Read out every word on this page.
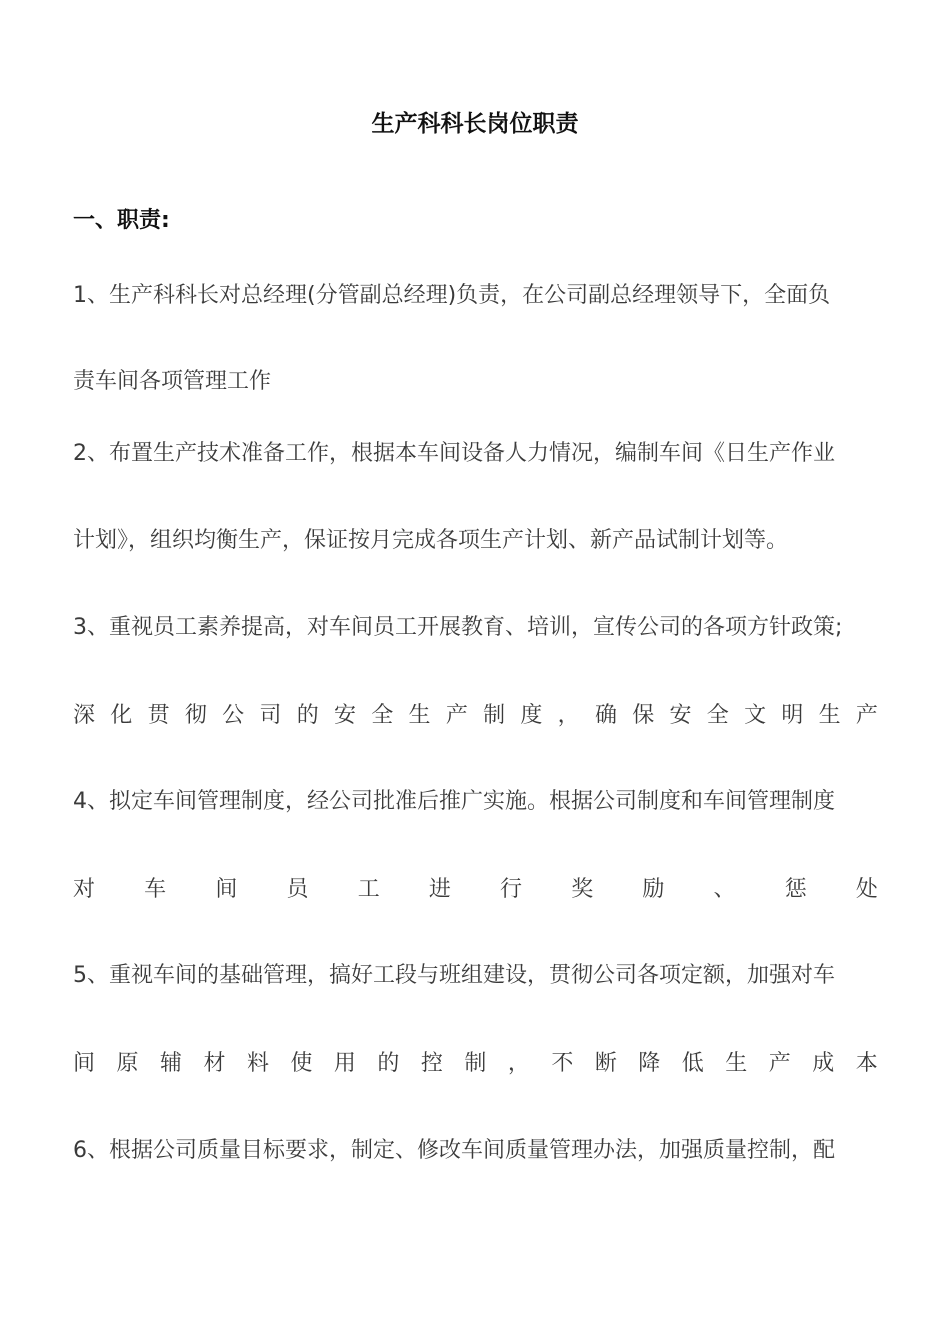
生产科科长岗位职责
一、职责:
1、生产科科长对总经理(分管副总经理)负责，在公司副总经理领导下，全面负
责车间各项管理工作
2、布置生产技术准备工作，根据本车间设备人力情况，编制车间《日生产作业
计划》，组织均衡生产，保证按月完成各项生产计划、新产品试制计划等。
3、重视员工素养提高，对车间员工开展教育、培训，宣传公司的各项方针政策;
深 化 贯 彻 公 司 的 安 全 生 产 制 度 ， 确 保 安 全 文 明 生 产
4、拟定车间管理制度，经公司批准后推广实施。根据公司制度和车间管理制度
对 车 间 员 工 进 行 奖 励 、 惩 处
5、重视车间的基础管理，搞好工段与班组建设，贯彻公司各项定额，加强对车
间 原 辅 材 料 使 用 的 控 制 ， 不 断 降 低 生 产 成 本
6、根据公司质量目标要求，制定、修改车间质量管理办法，加强质量控制，配
